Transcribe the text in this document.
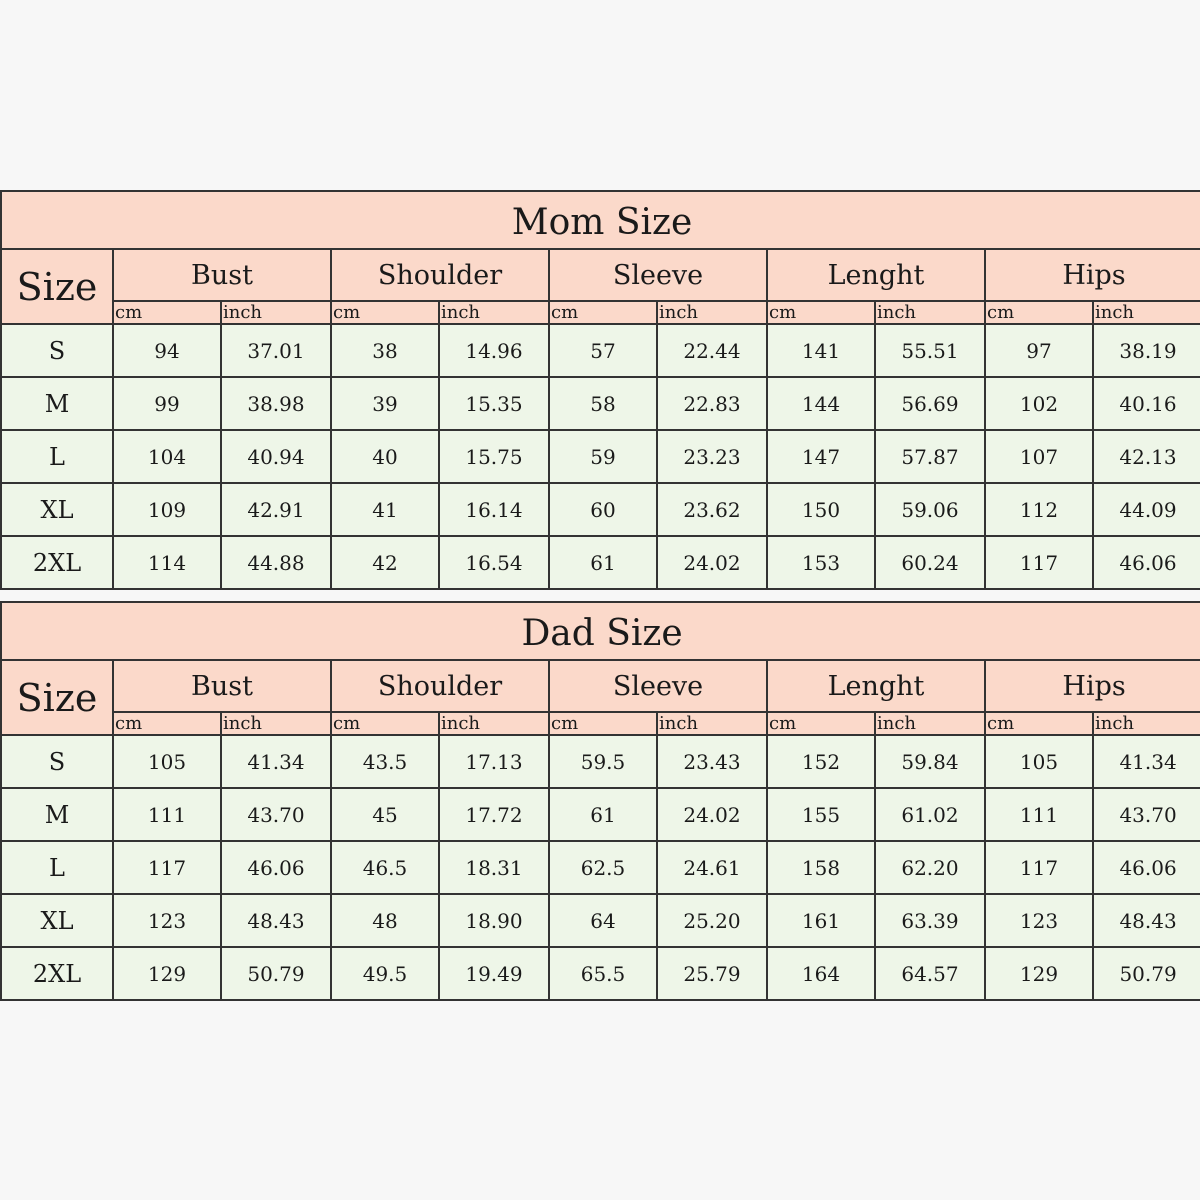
Mom Size										
Size	Bust		Shoulder		Sleeve		Lenght		Hips	
	cm	inch	cm	inch	cm	inch	cm	inch	cm	inch
S	94	37.01	38	14.96	57	22.44	141	55.51	97	38.19
M	99	38.98	39	15.35	58	22.83	144	56.69	102	40.16
L	104	40.94	40	15.75	59	23.23	147	57.87	107	42.13
XL	109	42.91	41	16.14	60	23.62	150	59.06	112	44.09
2XL	114	44.88	42	16.54	61	24.02	153	60.24	117	46.06
Dad Size										
Size	Bust		Shoulder		Sleeve		Lenght		Hips	
	cm	inch	cm	inch	cm	inch	cm	inch	cm	inch
S	105	41.34	43.5	17.13	59.5	23.43	152	59.84	105	41.34
M	111	43.70	45	17.72	61	24.02	155	61.02	111	43.70
L	117	46.06	46.5	18.31	62.5	24.61	158	62.20	117	46.06
XL	123	48.43	48	18.90	64	25.20	161	63.39	123	48.43
2XL	129	50.79	49.5	19.49	65.5	25.79	164	64.57	129	50.79
